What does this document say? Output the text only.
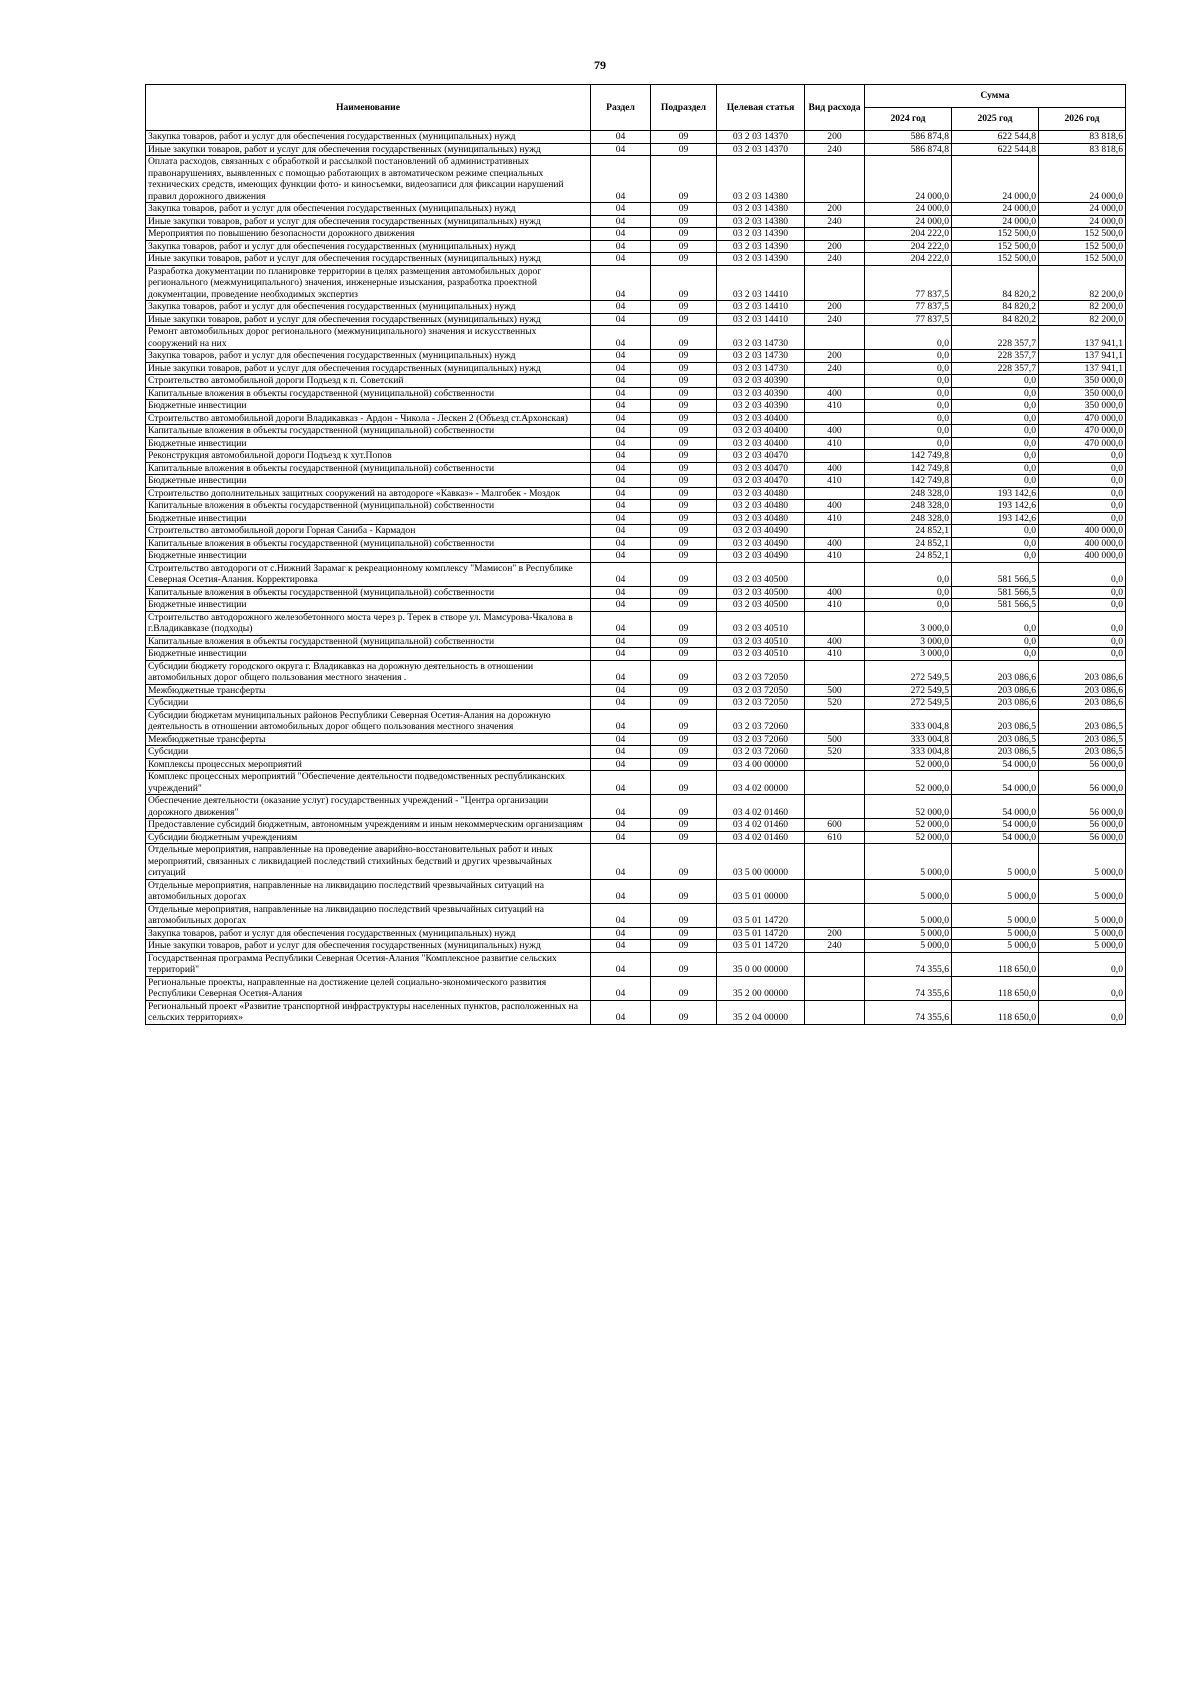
79
Наименование	Раздел	Подраздел	Целевая статья	Вид расхода	Сумма		
					2024 год	2025 год	2026 год
Закупка товаров, работ и услуг для обеспечения государственных (муниципальных) нужд	04	09	03 2 03 14370	200	586 874,8	622 544,8	83 818,6
Иные закупки товаров, работ и услуг для обеспечения государственных (муниципальных) нужд	04	09	03 2 03 14370	240	586 874,8	622 544,8	83 818,6
Оплата расходов, связанных с обработкой и рассылкой постановлений об административных правонарушениях, выявленных с помощью работающих в автоматическом режиме специальных технических средств, имеющих функции фото- и киносъемки, видеозаписи для фиксации нарушений правил дорожного движения	04	09	03 2 03 14380		24 000,0	24 000,0	24 000,0
Закупка товаров, работ и услуг для обеспечения государственных (муниципальных) нужд	04	09	03 2 03 14380	200	24 000,0	24 000,0	24 000,0
Иные закупки товаров, работ и услуг для обеспечения государственных (муниципальных) нужд	04	09	03 2 03 14380	240	24 000,0	24 000,0	24 000,0
Мероприятия по повышению безопасности дорожного движения	04	09	03 2 03 14390		204 222,0	152 500,0	152 500,0
Закупка товаров, работ и услуг для обеспечения государственных (муниципальных) нужд	04	09	03 2 03 14390	200	204 222,0	152 500,0	152 500,0
Иные закупки товаров, работ и услуг для обеспечения государственных (муниципальных) нужд	04	09	03 2 03 14390	240	204 222,0	152 500,0	152 500,0
Разработка документации по планировке территории в целях размещения автомобильных дорог регионального (межмуниципального) значения, инженерные изыскания, разработка проектной документации, проведение необходимых экспертиз	04	09	03 2 03 14410		77 837,5	84 820,2	82 200,0
Закупка товаров, работ и услуг для обеспечения государственных (муниципальных) нужд	04	09	03 2 03 14410	200	77 837,5	84 820,2	82 200,0
Иные закупки товаров, работ и услуг для обеспечения государственных (муниципальных) нужд	04	09	03 2 03 14410	240	77 837,5	84 820,2	82 200,0
Ремонт автомобильных дорог регионального (межмуниципального) значения и искусственных сооружений на них	04	09	03 2 03 14730		0,0	228 357,7	137 941,1
Закупка товаров, работ и услуг для обеспечения государственных (муниципальных) нужд	04	09	03 2 03 14730	200	0,0	228 357,7	137 941,1
Иные закупки товаров, работ и услуг для обеспечения государственных (муниципальных) нужд	04	09	03 2 03 14730	240	0,0	228 357,7	137 941,1
Строительство автомобильной дороги Подъезд к п. Советский	04	09	03 2 03 40390		0,0	0,0	350 000,0
Капитальные вложения в объекты государственной (муниципальной) собственности	04	09	03 2 03 40390	400	0,0	0,0	350 000,0
Бюджетные инвестиции	04	09	03 2 03 40390	410	0,0	0,0	350 000,0
Строительство автомобильной дороги Владикавказ - Ардон - Чикола - Лескен 2 (Объезд ст.Архонская)	04	09	03 2 03 40400		0,0	0,0	470 000,0
Капитальные вложения в объекты государственной (муниципальной) собственности	04	09	03 2 03 40400	400	0,0	0,0	470 000,0
Бюджетные инвестиции	04	09	03 2 03 40400	410	0,0	0,0	470 000,0
Реконструкция автомобильной дороги Подъезд к хут.Попов	04	09	03 2 03 40470		142 749,8	0,0	0,0
Капитальные вложения в объекты государственной (муниципальной) собственности	04	09	03 2 03 40470	400	142 749,8	0,0	0,0
Бюджетные инвестиции	04	09	03 2 03 40470	410	142 749,8	0,0	0,0
Строительство дополнительных защитных сооружений на автодороге «Кавказ» - Малгобек - Моздок	04	09	03 2 03 40480		248 328,0	193 142,6	0,0
Капитальные вложения в объекты государственной (муниципальной) собственности	04	09	03 2 03 40480	400	248 328,0	193 142,6	0,0
Бюджетные инвестиции	04	09	03 2 03 40480	410	248 328,0	193 142,6	0,0
Строительство автомобильной дороги Горная Саниба - Кармадон	04	09	03 2 03 40490		24 852,1	0,0	400 000,0
Капитальные вложения в объекты государственной (муниципальной) собственности	04	09	03 2 03 40490	400	24 852,1	0,0	400 000,0
Бюджетные инвестиции	04	09	03 2 03 40490	410	24 852,1	0,0	400 000,0
Строительство автодороги от с.Нижний Зарамаг к рекреационному комплексу "Мамисон" в Республике Северная Осетия-Алания. Корректировка	04	09	03 2 03 40500		0,0	581 566,5	0,0
Капитальные вложения в объекты государственной (муниципальной) собственности	04	09	03 2 03 40500	400	0,0	581 566,5	0,0
Бюджетные инвестиции	04	09	03 2 03 40500	410	0,0	581 566,5	0,0
Строительство автодорожного железобетонного моста через р. Терек в створе ул. Мамсурова-Чкалова в г.Владикавказе (подходы)	04	09	03 2 03 40510		3 000,0	0,0	0,0
Капитальные вложения в объекты государственной (муниципальной) собственности	04	09	03 2 03 40510	400	3 000,0	0,0	0,0
Бюджетные инвестиции	04	09	03 2 03 40510	410	3 000,0	0,0	0,0
Субсидии бюджету городского округа г. Владикавказ на дорожную деятельность в отношении автомобильных дорог общего пользования местного значения .	04	09	03 2 03 72050		272 549,5	203 086,6	203 086,6
Межбюджетные трансферты	04	09	03 2 03 72050	500	272 549,5	203 086,6	203 086,6
Субсидии	04	09	03 2 03 72050	520	272 549,5	203 086,6	203 086,6
Субсидии бюджетам муниципальных районов Республики Северная Осетия-Алания на дорожную деятельность в отношении автомобильных дорог общего пользования местного значения	04	09	03 2 03 72060		333 004,8	203 086,5	203 086,5
Межбюджетные трансферты	04	09	03 2 03 72060	500	333 004,8	203 086,5	203 086,5
Субсидии	04	09	03 2 03 72060	520	333 004,8	203 086,5	203 086,5
Комплексы процессных мероприятий	04	09	03 4 00 00000		52 000,0	54 000,0	56 000,0
Комплекс процессных мероприятий "Обеспечение деятельности подведомственных республиканских учреждений"	04	09	03 4 02 00000		52 000,0	54 000,0	56 000,0
Обеспечение деятельности (оказание услуг) государственных учреждений - "Центра организации дорожного движения"	04	09	03 4 02 01460		52 000,0	54 000,0	56 000,0
Предоставление субсидий бюджетным, автономным учреждениям и иным некоммерческим организациям	04	09	03 4 02 01460	600	52 000,0	54 000,0	56 000,0
Субсидии бюджетным учреждениям	04	09	03 4 02 01460	610	52 000,0	54 000,0	56 000,0
Отдельные мероприятия, направленные на проведение аварийно-восстановительных работ и иных мероприятий, связанных с ликвидацией последствий стихийных бедствий и других чрезвычайных ситуаций	04	09	03 5 00 00000		5 000,0	5 000,0	5 000,0
Отдельные мероприятия, направленные на ликвидацию последствий чрезвычайных ситуаций на автомобильных дорогах	04	09	03 5 01 00000		5 000,0	5 000,0	5 000,0
Отдельные мероприятия, направленные на ликвидацию последствий чрезвычайных ситуаций на автомобильных дорогах	04	09	03 5 01 14720		5 000,0	5 000,0	5 000,0
Закупка товаров, работ и услуг для обеспечения государственных (муниципальных) нужд	04	09	03 5 01 14720	200	5 000,0	5 000,0	5 000,0
Иные закупки товаров, работ и услуг для обеспечения государственных (муниципальных) нужд	04	09	03 5 01 14720	240	5 000,0	5 000,0	5 000,0
Государственная программа Республики Северная Осетия-Алания "Комплексное развитие сельских территорий"	04	09	35 0 00 00000		74 355,6	118 650,0	0,0
Региональные проекты, направленные на достижение целей социально-экономического развития Республики Северная Осетия-Алания	04	09	35 2 00 00000		74 355,6	118 650,0	0,0
Региональный проект «Развитие транспортной инфраструктуры населенных пунктов, расположенных на сельских территориях»	04	09	35 2 04 00000		74 355,6	118 650,0	0,0
